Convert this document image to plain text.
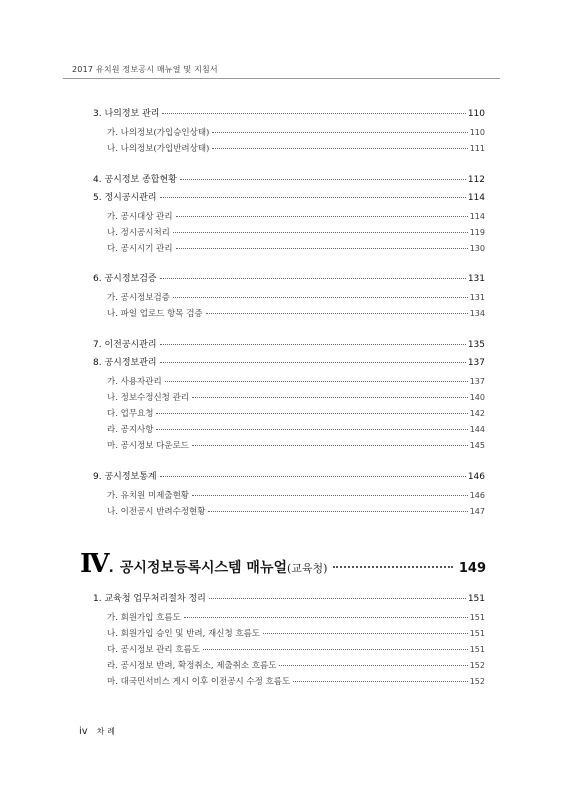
2017 유치원 정보공시 매뉴얼 및 지침서
3. 나의정보 관리	110
가. 나의정보(가입승인상태)	110
나. 나의정보(가입반려상태)	111
4. 공시정보 종합현황	112
5. 정시공시관리	114
가. 공시대상 관리	114
나. 정시공시처리	119
다. 공시시기 관리	130
6. 공시정보검증	131
가. 공시정보검증	131
나. 파일 업로드 항목 검증	134
7. 이전공시관리	135
8. 공시정보관리	137
가. 사용자관리	137
나. 정보수정신청 관리	140
다. 업무요청	142
라. 공지사항	144
마. 공시정보 다운로드	145
9. 공시정보통계	146
가. 유치원 미제출현황	146
나. 이전공시 반려수정현황	147
Ⅳ . 공시정보등록시스템 매뉴얼 (교육청)	149
1. 교육청 업무처리절차 정리	151
가. 회원가입 흐름도	151
나. 회원가입 승인 및 반려, 재신청 흐름도	151
다. 공시정보 관리 흐름도	151
라. 공시정보 반려, 확정취소, 제출취소 흐름도	152
마. 대국민서비스 게시 이후 이전공시 수정 흐름도	152
iv 차례
